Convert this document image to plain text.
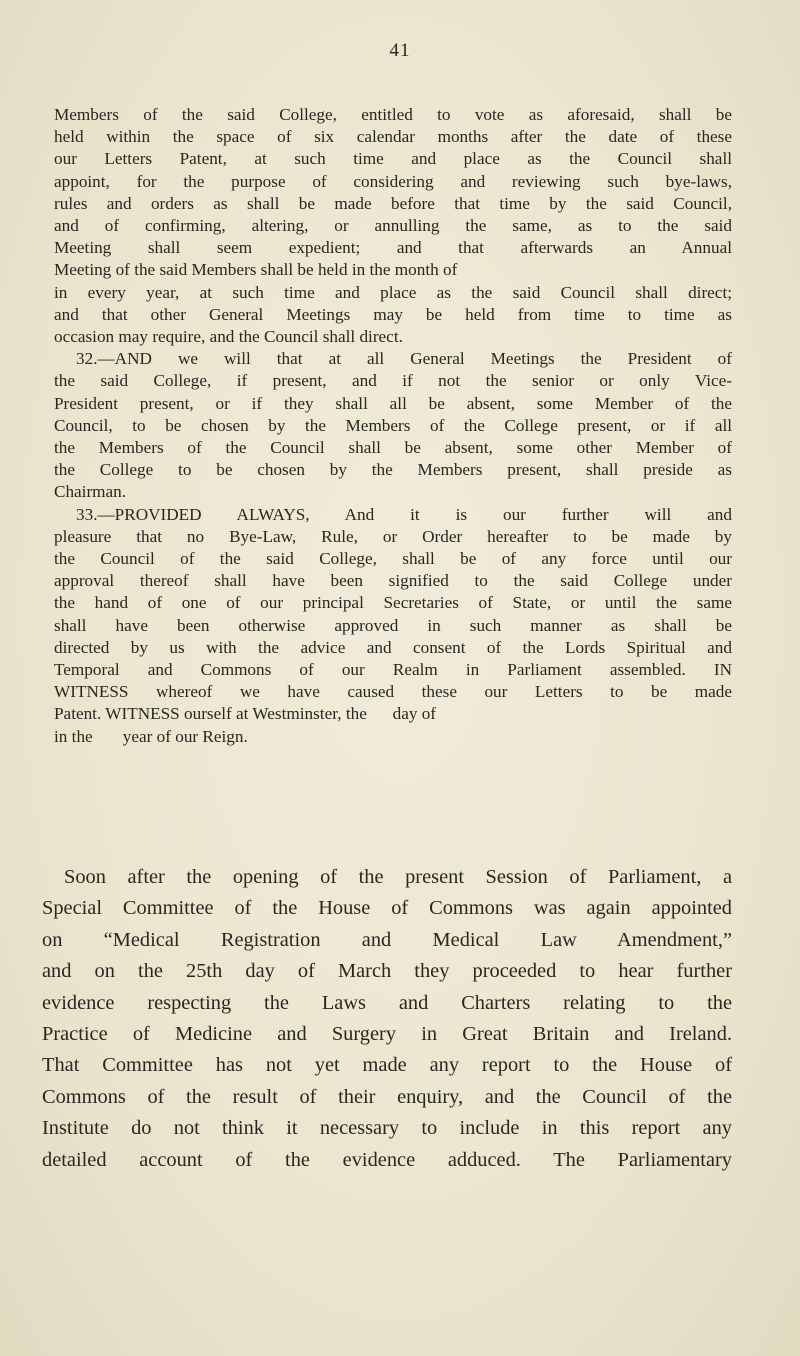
41
Members of the said College, entitled to vote as aforesaid, shall be
held within the space of six calendar months after the date of these
our Letters Patent, at such time and place as the Council shall
appoint, for the purpose of considering and reviewing such bye-laws,
rules and orders as shall be made before that time by the said Council,
and of confirming, altering, or annulling the same, as to the said
Meeting shall seem expedient; and that afterwards an Annual
Meeting of the said Members shall be held in the month of
in every year, at such time and place as the said Council shall direct;
and that other General Meetings may be held from time to time as
occasion may require, and the Council shall direct.
32.—AND we will that at all General Meetings the President of
the said College, if present, and if not the senior or only Vice-
President present, or if they shall all be absent, some Member of the
Council, to be chosen by the Members of the College present, or if all
the Members of the Council shall be absent, some other Member of
the College to be chosen by the Members present, shall preside as
Chairman.
33.—PROVIDED ALWAYS, And it is our further will and
pleasure that no Bye-Law, Rule, or Order hereafter to be made by
the Council of the said College, shall be of any force until our
approval thereof shall have been signified to the said College under
the hand of one of our principal Secretaries of State, or until the same
shall have been otherwise approved in such manner as shall be
directed by us with the advice and consent of the Lords Spiritual and
Temporal and Commons of our Realm in Parliament assembled. IN
WITNESS whereof we have caused these our Letters to be made
Patent. WITNESS ourself at Westminster, the      day of
in the       year of our Reign.
Soon after the opening of the present Session of Parliament, a
Special Committee of the House of Commons was again appointed
on “Medical Registration and Medical Law Amendment,”
and on the 25th day of March they proceeded to hear further
evidence respecting the Laws and Charters relating to the
Practice of Medicine and Surgery in Great Britain and Ireland.
That Committee has not yet made any report to the House of
Commons of the result of their enquiry, and the Council of the
Institute do not think it necessary to include in this report any
detailed account of the evidence adduced. The Parliamentary
